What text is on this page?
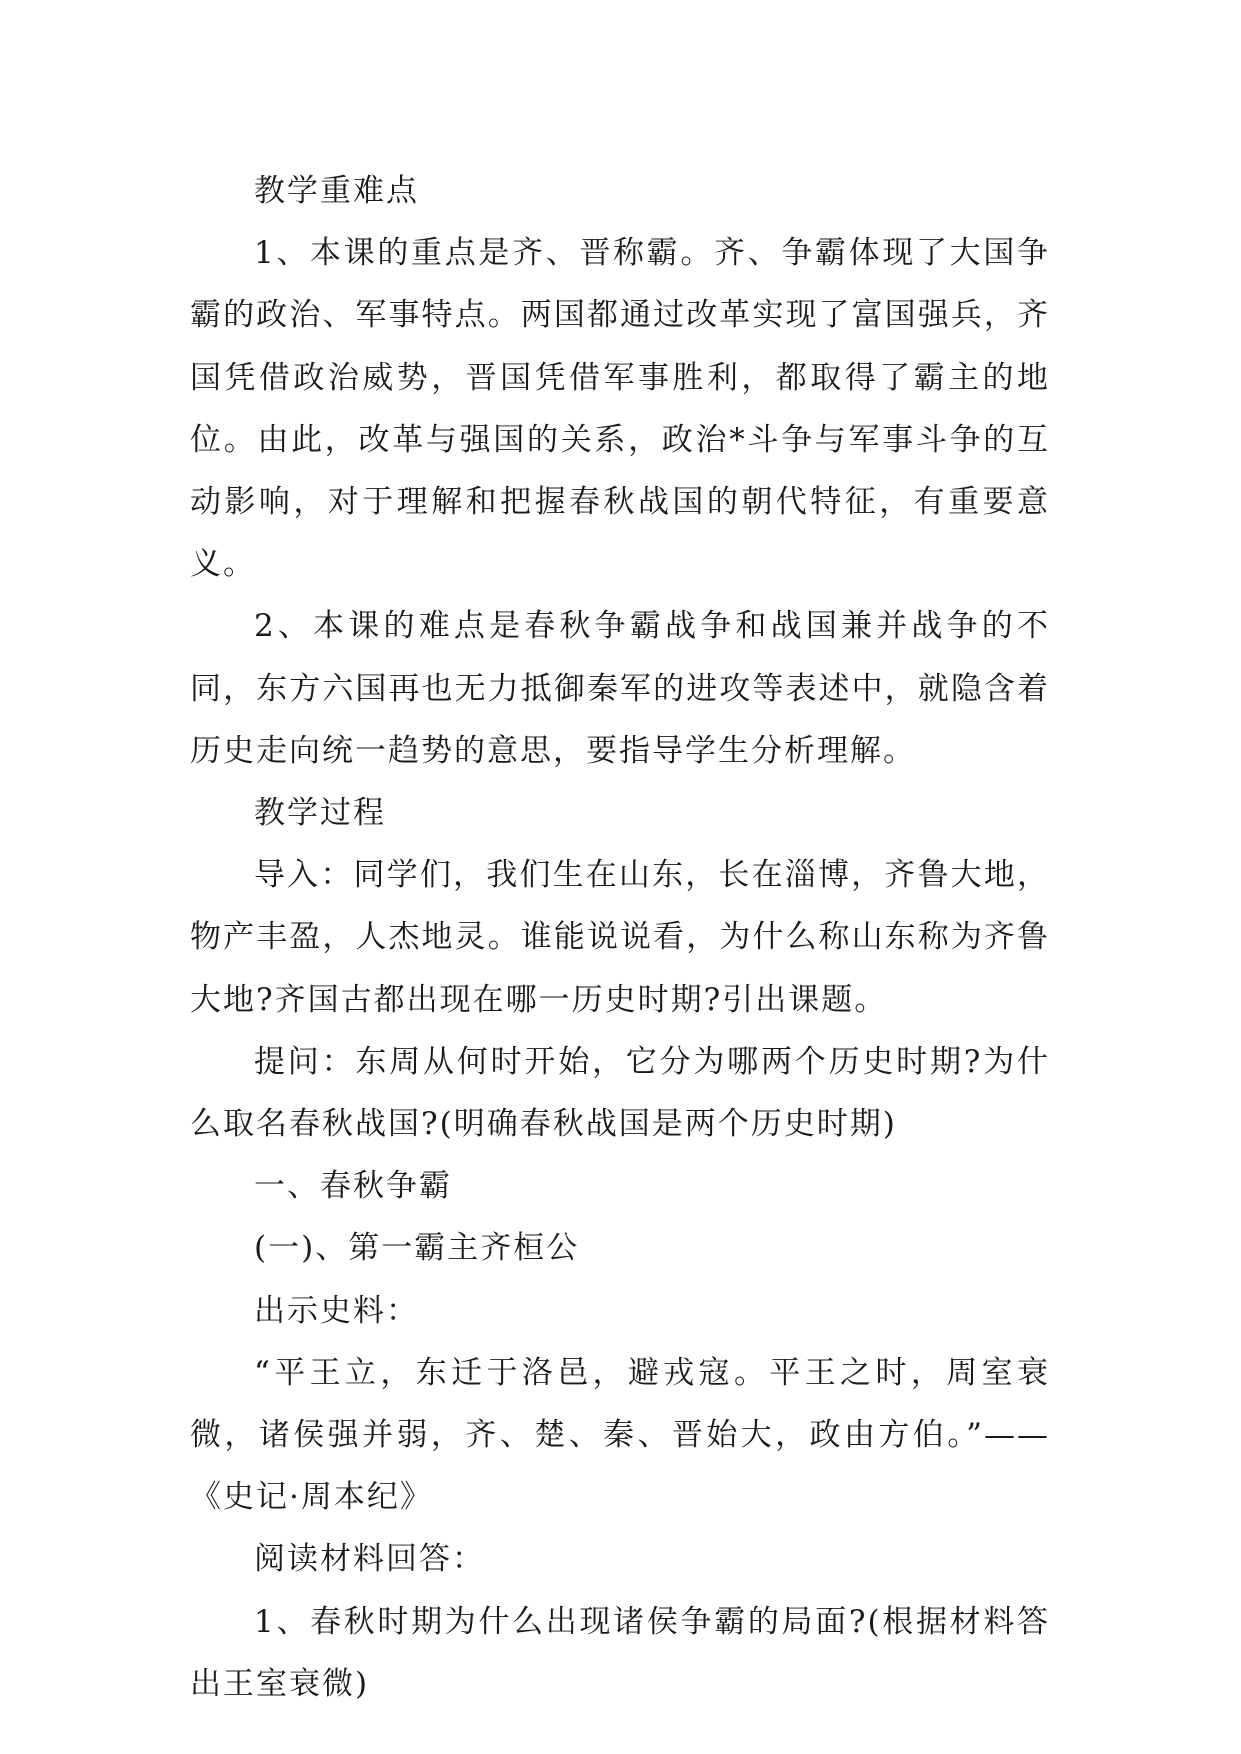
教学重难点

1、本课的重点是齐、晋称霸。齐、争霸体现了大国争霸的政治、军事特点。两国都通过改革实现了富国强兵，齐国凭借政治威势，晋国凭借军事胜利，都取得了霸主的地位。由此，改革与强国的关系，政治*斗争与军事斗争的互动影响，对于理解和把握春秋战国的朝代特征，有重要意义。

2、本课的难点是春秋争霸战争和战国兼并战争的不同，东方六国再也无力抵御秦军的进攻等表述中，就隐含着历史走向统一趋势的意思，要指导学生分析理解。

教学过程

导入：同学们，我们生在山东，长在淄博，齐鲁大地，物产丰盈，人杰地灵。谁能说说看，为什么称山东称为齐鲁大地?齐国古都出现在哪一历史时期?引出课题。

提问：东周从何时开始，它分为哪两个历史时期?为什么取名春秋战国?(明确春秋战国是两个历史时期)

一、春秋争霸

(一)、第一霸主齐桓公

出示史料：

“平王立，东迁于洛邑，避戎寇。平王之时，周室衰微，诸侯强并弱，齐、楚、秦、晋始大，政由方伯。”——《史记·周本纪》

阅读材料回答：

1、春秋时期为什么出现诸侯争霸的局面?(根据材料答出王室衰微)
